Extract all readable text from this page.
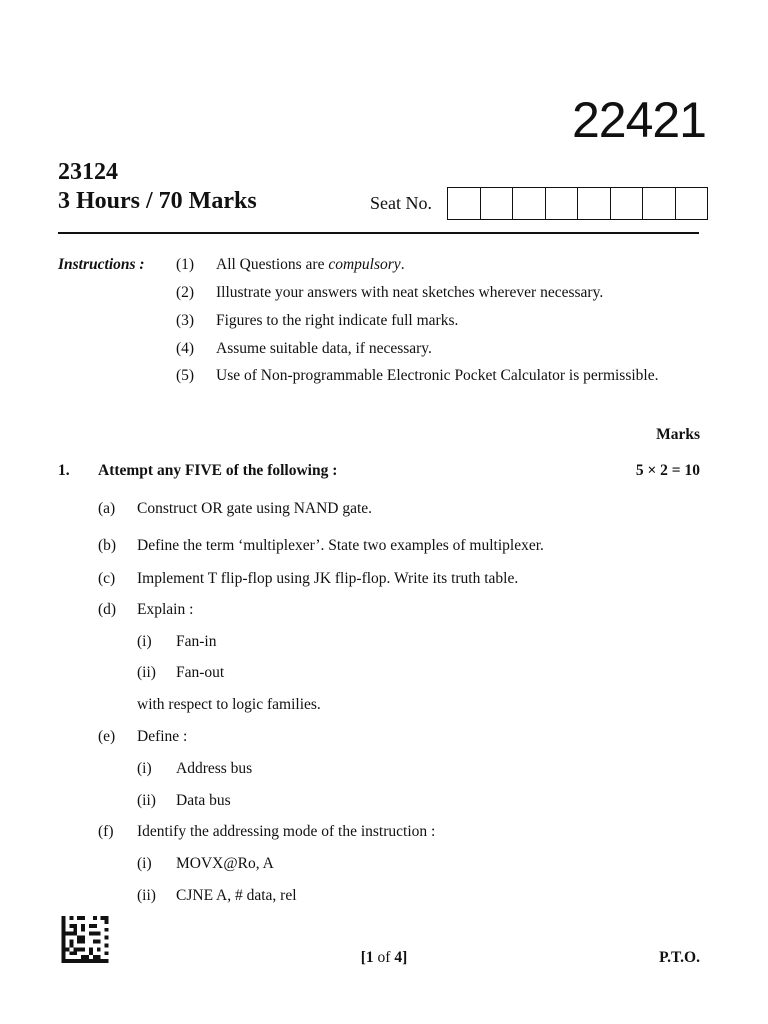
22421
23124
3 Hours / 70 Marks	Seat No.
Instructions : (1) All Questions are compulsory.
(2) Illustrate your answers with neat sketches wherever necessary.
(3) Figures to the right indicate full marks.
(4) Assume suitable data, if necessary.
(5) Use of Non-programmable Electronic Pocket Calculator is permissible.
Marks
1. Attempt any FIVE of the following :	5 × 2 = 10
(a) Construct OR gate using NAND gate.
(b) Define the term ‘multiplexer’. State two examples of multiplexer.
(c) Implement T flip-flop using JK flip-flop. Write its truth table.
(d) Explain :
(i) Fan-in
(ii) Fan-out
with respect to logic families.
(e) Define :
(i) Address bus
(ii) Data bus
(f) Identify the addressing mode of the instruction :
(i) MOVX@Ro, A
(ii) CJNE A, # data, rel
[1 of 4]	P.T.O.
